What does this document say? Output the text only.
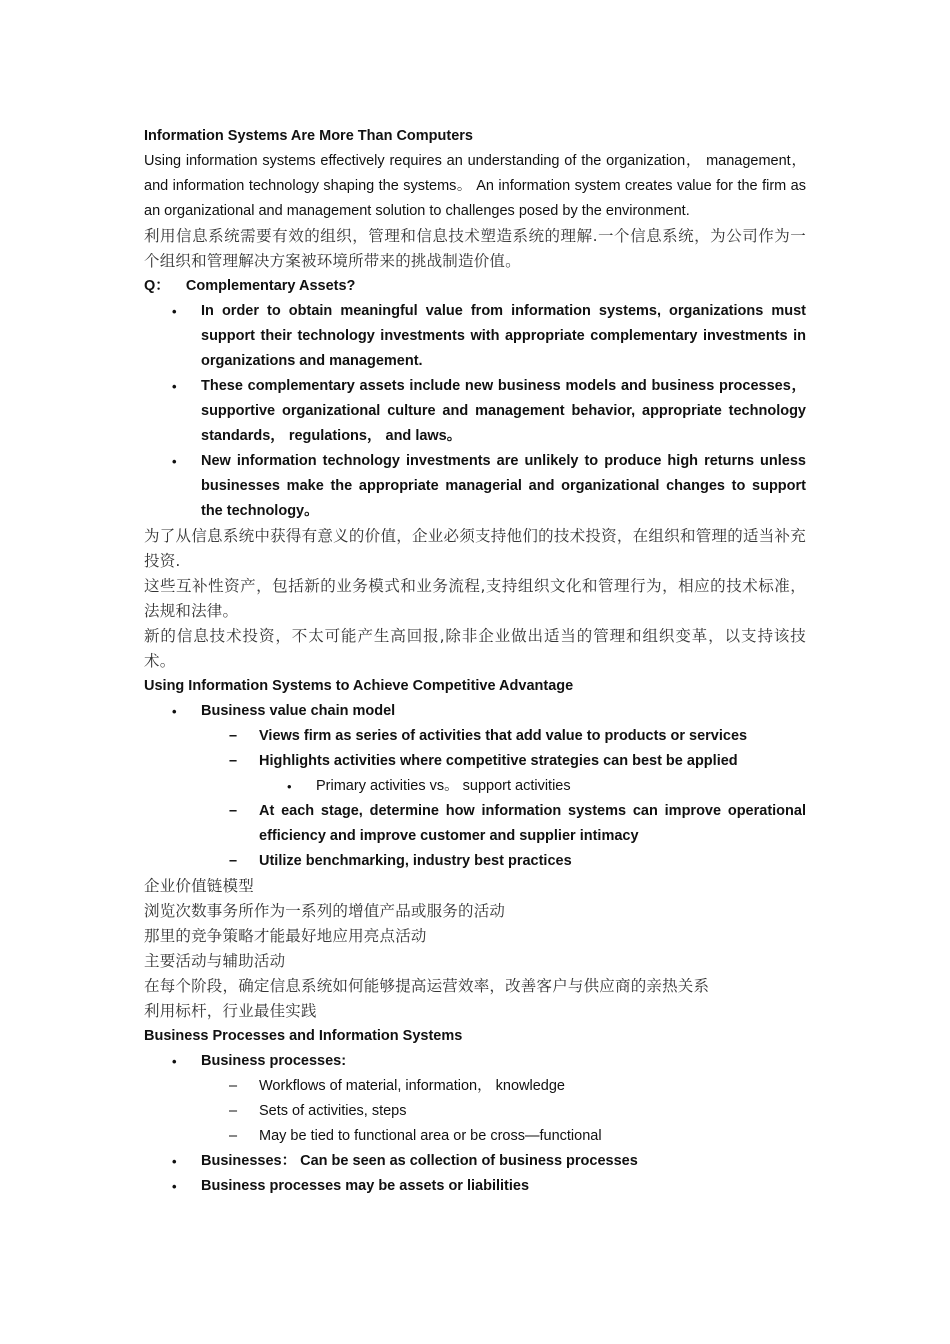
Information Systems Are More Than Computers

Using information systems effectively requires an understanding of the organization， management， and information technology shaping the systems。 An information system creates value for the firm as an organizational and management solution to challenges posed by the environment.

利用信息系统需要有效的组织，管理和信息技术塑造系统的理解.一个信息系统，为公司作为一个组织和管理解决方案被环境所带来的挑战制造价值。

Q： Complementary Assets?

• In order to obtain meaningful value from information systems, organizations must support their technology investments with appropriate complementary investments in organizations and management.

• These complementary assets include new business models and business processes，supportive organizational culture and management behavior, appropriate technology standards， regulations， and laws。

• New information technology investments are unlikely to produce high returns unless businesses make the appropriate managerial and organizational changes to support the technology。

为了从信息系统中获得有意义的价值，企业必须支持他们的技术投资，在组织和管理的适当补充投资.

这些互补性资产，包括新的业务模式和业务流程,支持组织文化和管理行为，相应的技术标准，法规和法律。

新的信息技术投资，不太可能产生高回报,除非企业做出适当的管理和组织变革，以支持该技术。

Using Information Systems to Achieve Competitive Advantage

• Business value chain model

– Views firm as series of activities that add value to products or services

– Highlights activities where competitive strategies can best be applied

• Primary activities vs。 support activities

– At each stage, determine how information systems can improve operational efficiency and improve customer and supplier intimacy

– Utilize benchmarking, industry best practices

企业价值链模型

浏览次数事务所作为一系列的增值产品或服务的活动

那里的竞争策略才能最好地应用亮点活动

主要活动与辅助活动

在每个阶段，确定信息系统如何能够提高运营效率，改善客户与供应商的亲热关系

利用标杆，行业最佳实践

Business Processes and Information Systems

• Business processes:

– Workflows of material, information， knowledge

– Sets of activities, steps

– May be tied to functional area or be cross—functional

• Businesses： Can be seen as collection of business processes

• Business processes may be assets or liabilities
